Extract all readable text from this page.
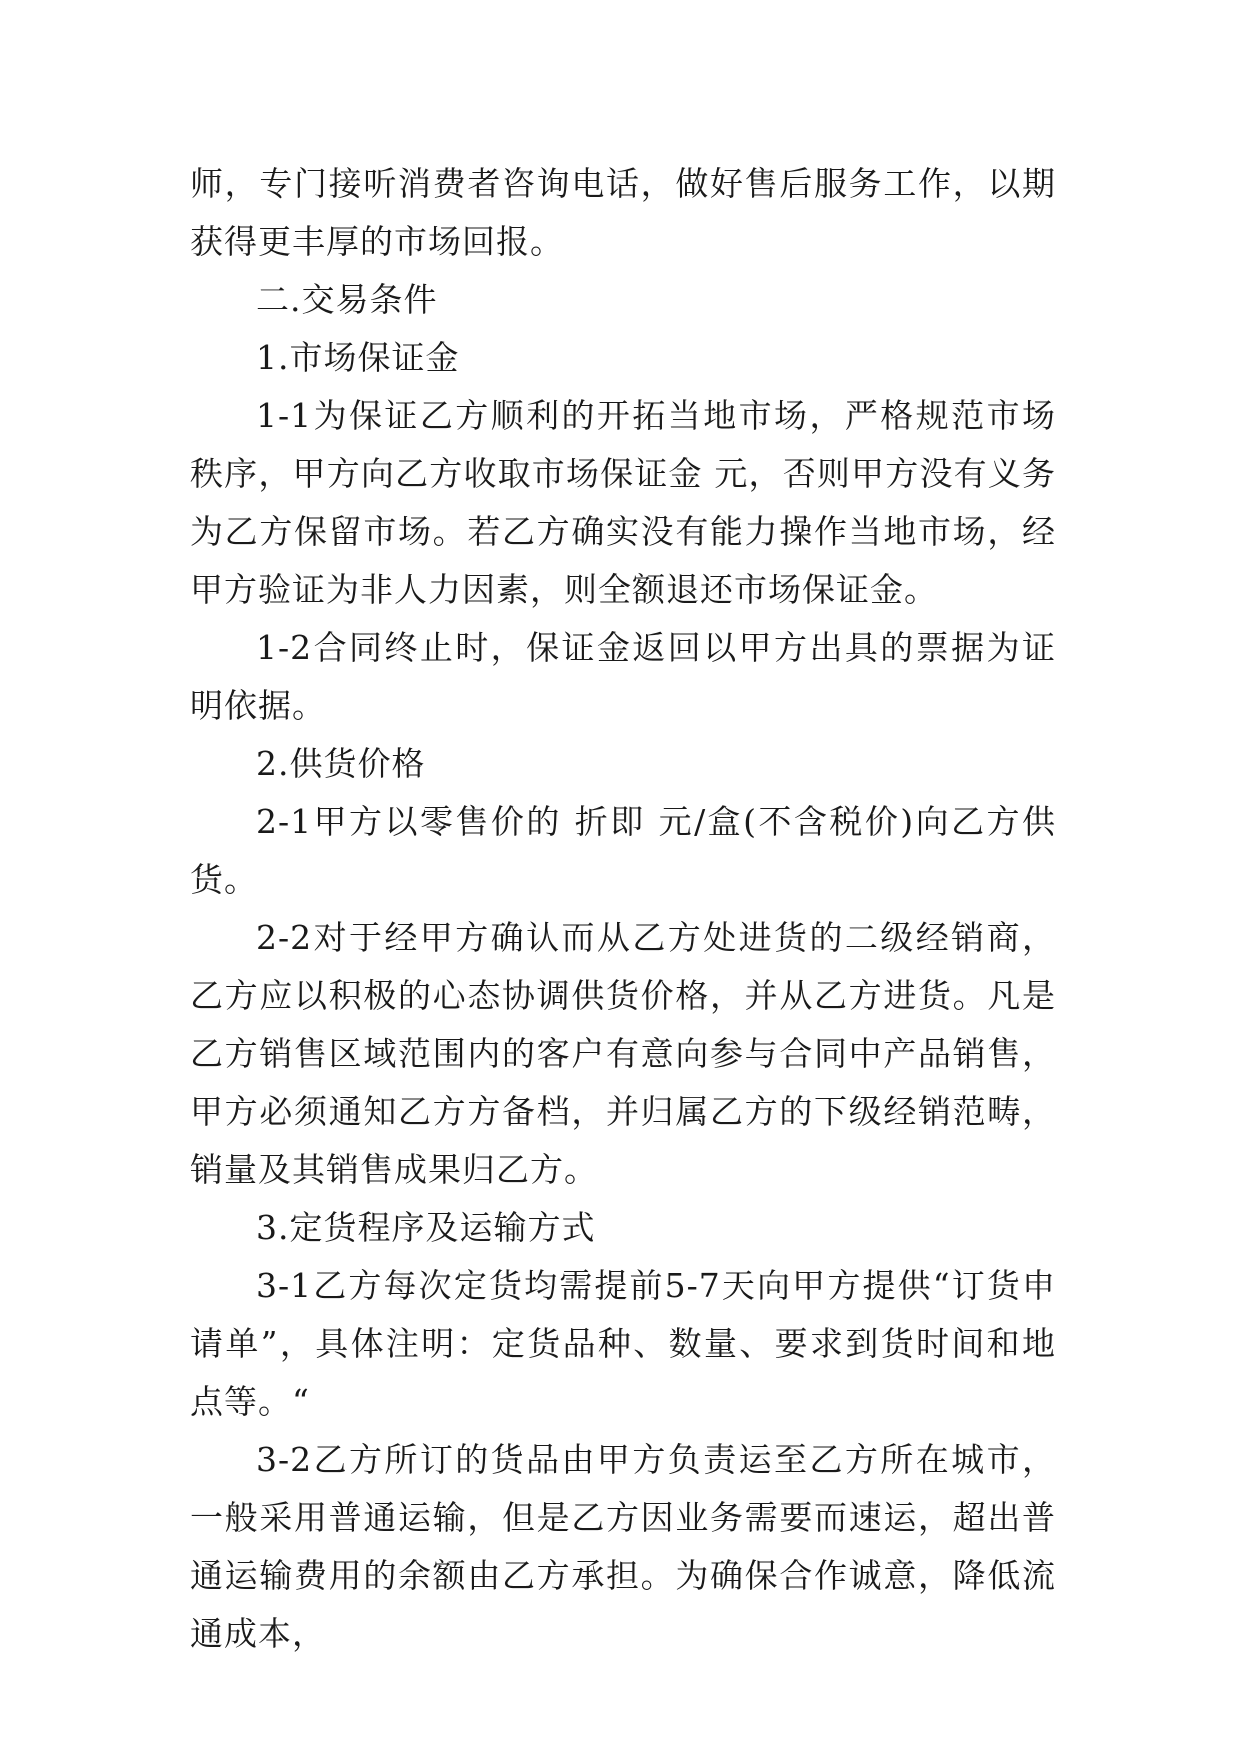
师，专门接听消费者咨询电话，做好售后服务工作，以期获得更丰厚的市场回报。

二.交易条件

1.市场保证金

1-1为保证乙方顺利的开拓当地市场，严格规范市场秩序，甲方向乙方收取市场保证金 元，否则甲方没有义务为乙方保留市场。若乙方确实没有能力操作当地市场，经甲方验证为非人力因素，则全额退还市场保证金。

1-2合同终止时，保证金返回以甲方出具的票据为证明依据。

2.供货价格

2-1甲方以零售价的 折即 元/盒(不含税价)向乙方供货。

2-2对于经甲方确认而从乙方处进货的二级经销商，乙方应以积极的心态协调供货价格，并从乙方进货。凡是乙方销售区域范围内的客户有意向参与合同中产品销售，甲方必须通知乙方方备档，并归属乙方的下级经销范畴，销量及其销售成果归乙方。

3.定货程序及运输方式

3-1乙方每次定货均需提前5-7天向甲方提供“订货申请单”，具体注明：定货品种、数量、要求到货时间和地点等。“

3-2乙方所订的货品由甲方负责运至乙方所在城市，一般采用普通运输，但是乙方因业务需要而速运，超出普通运输费用的余额由乙方承担。为确保合作诚意，降低流通成本，
